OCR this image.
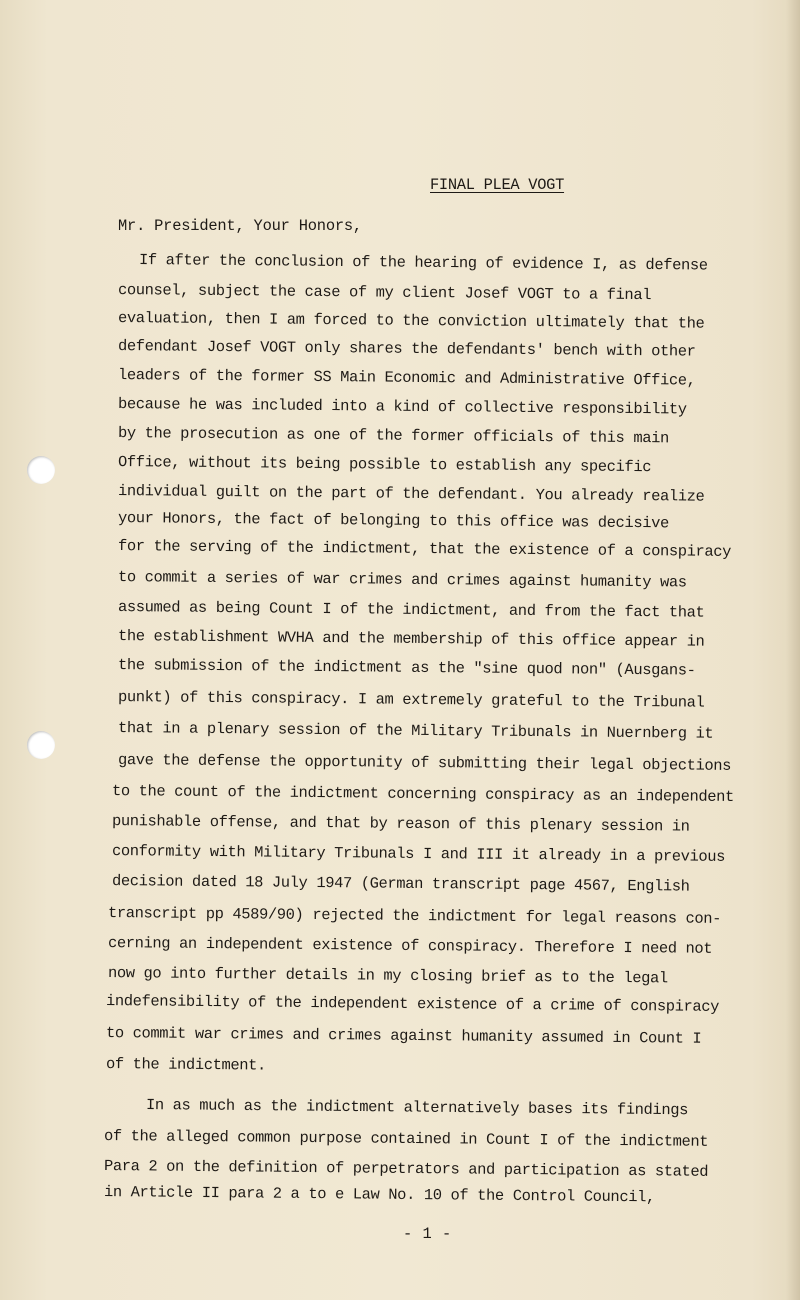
FINAL PLEA VOGT
Mr. President, Your Honors,
If after the conclusion of the hearing of evidence I, as defense
counsel, subject the case of my client Josef VOGT to a final
evaluation, then I am forced to the conviction ultimately that the
defendant Josef VOGT only shares the defendants' bench with other
leaders of the former SS Main Economic and Administrative Office,
because he was included into a kind of collective responsibility
by the prosecution as one of the former officials of this main
Office, without its being possible to establish any specific
individual guilt on the part of the defendant. You already realize
your Honors, the fact of belonging to this office was decisive
for the serving of the indictment, that the existence of a conspiracy
to commit a series of war crimes and crimes against humanity was
assumed as being Count I of the indictment, and from the fact that
the establishment WVHA and the membership of this office appear in
the submission of the indictment as the "sine quod non" (Ausgans-
punkt) of this conspiracy. I am extremely grateful to the Tribunal
that in a plenary session of the Military Tribunals in Nuernberg it
gave the defense the opportunity of submitting their legal objections
to the count of the indictment concerning conspiracy as an independent
punishable offense, and that by reason of this plenary session in
conformity with Military Tribunals I and III it already in a previous
decision dated 18 July 1947 (German transcript page 4567, English
transcript pp 4589/90) rejected the indictment for legal reasons con-
cerning an independent existence of conspiracy. Therefore I need not
now go into further details in my closing brief as to the legal
indefensibility of the independent existence of a crime of conspiracy
to commit war crimes and crimes against humanity assumed in Count I
of the indictment.
In as much as the indictment alternatively bases its findings
of the alleged common purpose contained in Count I of the indictment
Para 2 on the definition of perpetrators and participation as stated
in Article II para 2 a to e Law No. 10 of the Control Council,
- 1 -
